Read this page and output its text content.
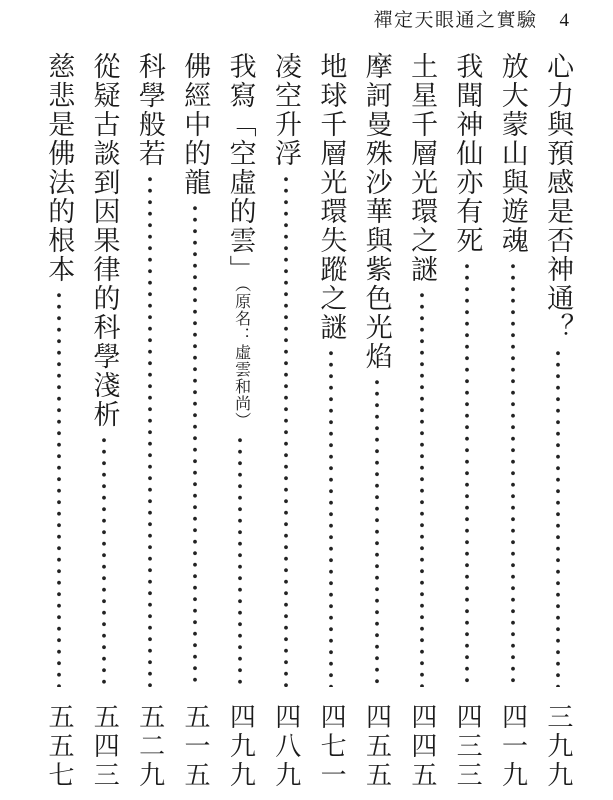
禪定天眼通之實驗 4
心力與預感是否神通？
三九九
放大蒙山與遊魂
四一九
我聞神仙亦有死
四三三
土星千層光環之謎
四四五
摩訶曼殊沙華與紫色光焰
四五五
地球千層光環失蹤之謎
四七一
凌空升浮
四八九
我寫「空虛的雲」（原名：虛雲和尚）
四九九
佛經中的龍
五一五
科學般若
五二九
從疑古談到因果律的科學淺析
五四三
慈悲是佛法的根本
五五七
